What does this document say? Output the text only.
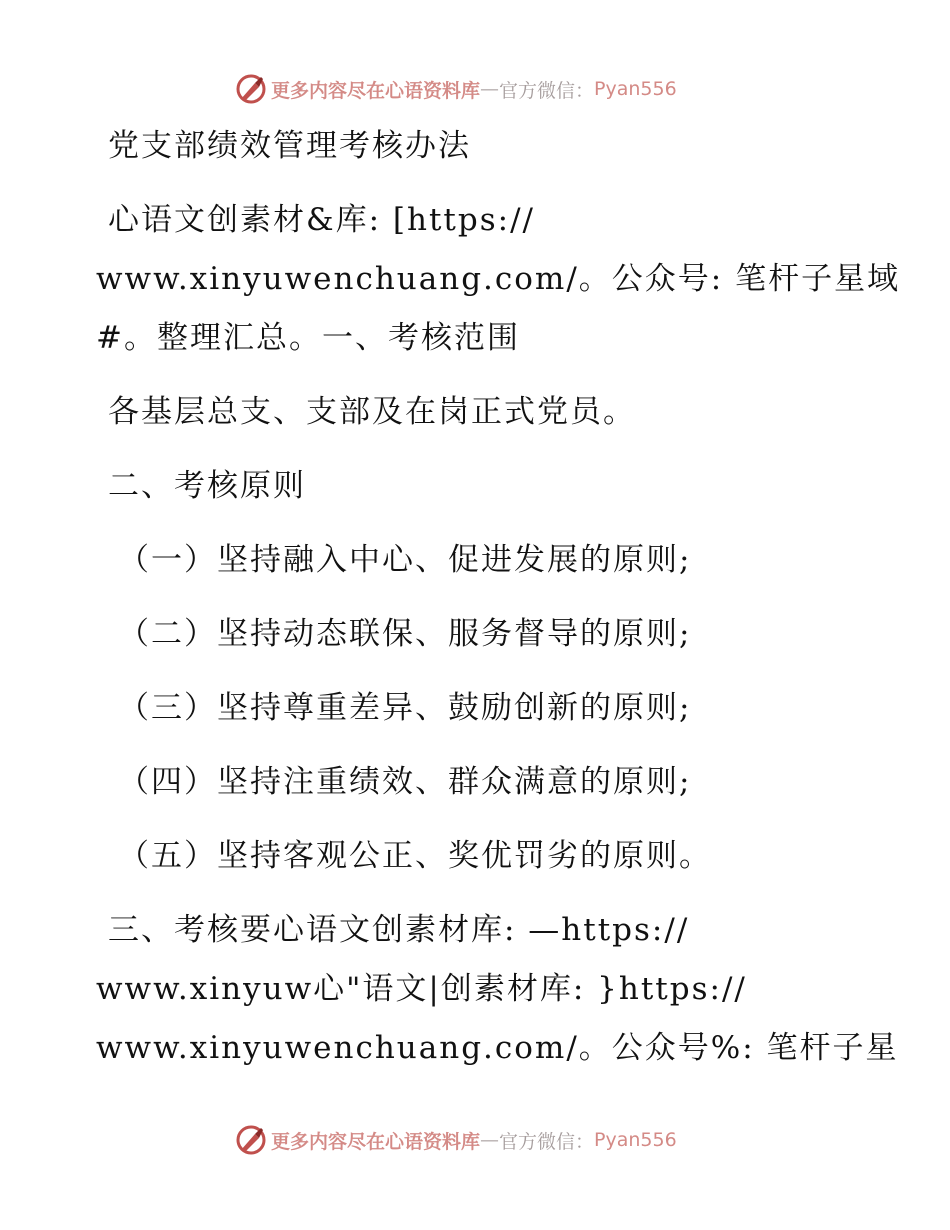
更多内容尽在心语资料库 — 官方微信： Pyan556
党支部绩效管理考核办法
心语文创素材&库: [https://
www.xinyuwenchuang.com/。公众号: 笔杆子星域
#。整理汇总。一、考核范围
各基层总支、支部及在岗正式党员。
二、考核原则
（一）坚持融入中心、促进发展的原则;
（二）坚持动态联保、服务督导的原则;
（三）坚持尊重差异、鼓励创新的原则;
（四）坚持注重绩效、群众满意的原则;
（五）坚持客观公正、奖优罚劣的原则。
三、考核要心语文创素材库: —https://
www.xinyuw心"语文|创素材库: }https://
www.xinyuwenchuang.com/。公众号%: 笔杆子星
更多内容尽在心语资料库 — 官方微信： Pyan556
